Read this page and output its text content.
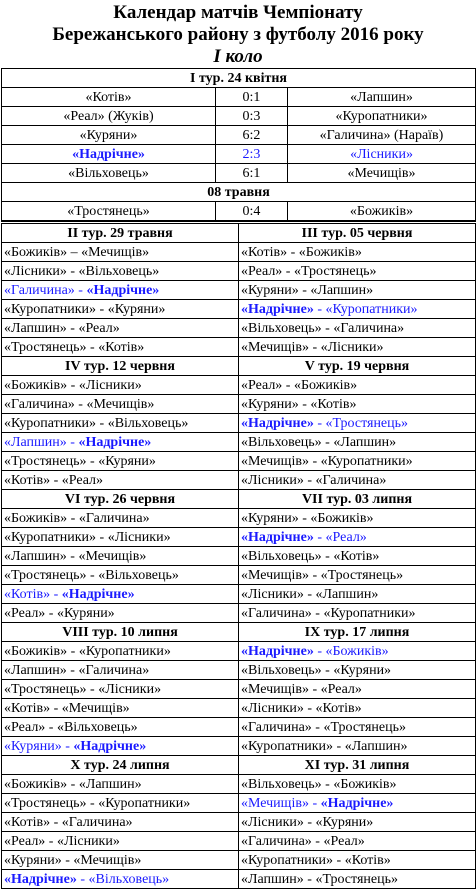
Календар матчів Чемпіонату
Бережанського району з футболу 2016 року
І коло
І тур. 24 квітня		
«Котів»	0:1	«Лапшин»
«Реал» (Жуків)	0:3	«Куропатники»
«Куряни»	6:2	«Галичина» (Нараїв)
«Надрічне»	2:3	«Лісники»
«Вільховець»	6:1	«Мечищів»
08 травня		
«Тростянець»	0:4	«Божиків»
ІІ тур. 29 травня	ІІІ тур. 05 червня
«Божиків» – «Мечищів»	«Котів» - «Божиків»
«Лісники» - «Вільховець»	«Реал» - «Тростянець»
«Галичина» - «Надрічне»	«Куряни» - «Лапшин»
«Куропатники» - «Куряни»	«Надрічне» - «Куропатники»
«Лапшин» - «Реал»	«Вільховець» - «Галичина»
«Тростянець» - «Котів»	«Мечищів» - «Лісники»
IV тур. 12 червня	V тур. 19 червня
«Божиків» - «Лісники»	«Реал» - «Божиків»
«Галичина» - «Мечищів»	«Куряни» - «Котів»
«Куропатники» - «Вільховець»	«Надрічне» - «Тростянець»
«Лапшин» - «Надрічне»	«Вільховець» - «Лапшин»
«Тростянець» - «Куряни»	«Мечищів» - «Куропатники»
«Котів» - «Реал»	«Лісники» - «Галичина»
VI тур. 26 червня	VIІ тур. 03 липня
«Божиків» - «Галичина»	«Куряни» - «Божиків»
«Куропатники» - «Лісники»	«Надрічне» - «Реал»
«Лапшин» - «Мечищів»	«Вільховець» - «Котів»
«Тростянець» - «Вільховець»	«Мечищів» - «Тростянець»
«Котів» - «Надрічне»	«Лісники» - «Лапшин»
«Реал» - «Куряни»	«Галичина» - «Куропатники»
VIIІ тур. 10 липня	IX тур. 17 липня
«Божиків» - «Куропатники»	«Надрічне» - «Божиків»
«Лапшин» - «Галичина»	«Вільховець» - «Куряни»
«Тростянець» - «Лісники»	«Мечищів» - «Реал»
«Котів» - «Мечищів»	«Лісники» - «Котів»
«Реал» - «Вільховець»	«Галичина» - «Тростянець»
«Куряни» - «Надрічне»	«Куропатники» - «Лапшин»
X тур. 24 липня	XI тур. 31 липня
«Божиків» - «Лапшин»	«Вільховець» - «Божиків»
«Тростянець» - «Куропатники»	«Мечищів» - «Надрічне»
«Котів» - «Галичина»	«Лісники» - «Куряни»
«Реал» - «Лісники»	«Галичина» - «Реал»
«Куряни» - «Мечищів»	«Куропатники» - «Котів»
«Надрічне» - «Вільховець»	«Лапшин» - «Тростянець»
